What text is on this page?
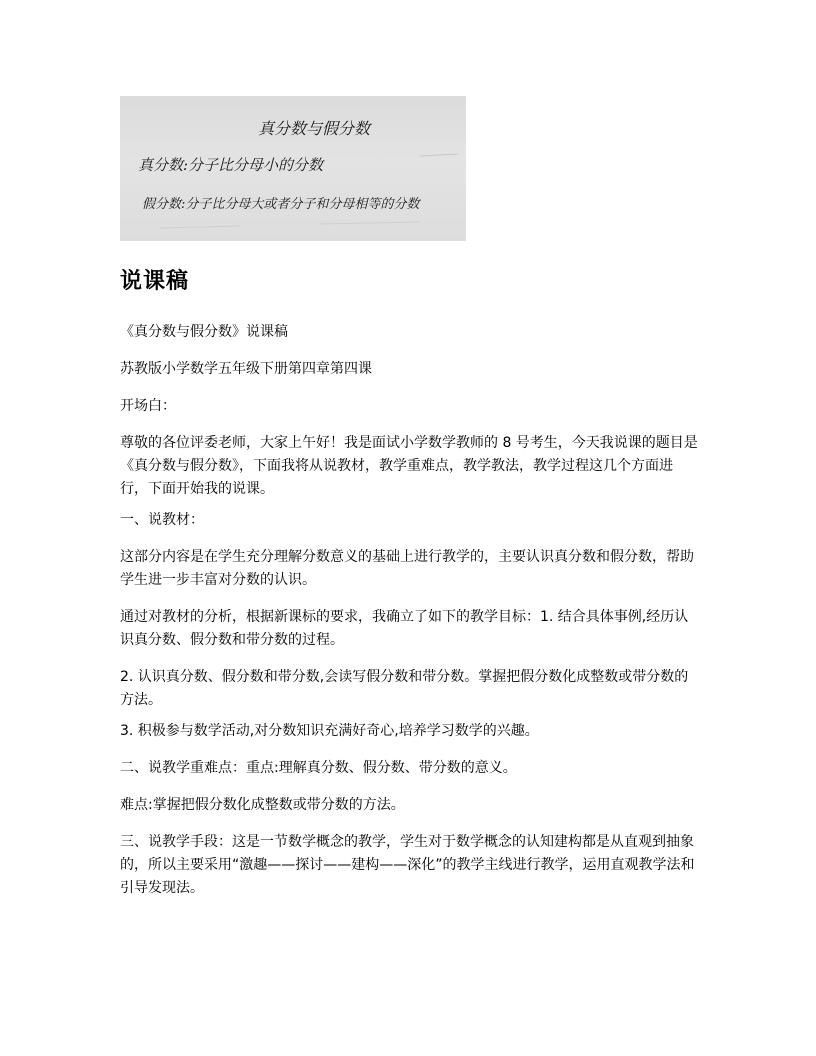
真分数与假分数
真分数:分子比分母小的分数
假分数:分子比分母大或者分子和分母相等的分数
说课稿
《真分数与假分数》说课稿
苏教版小学数学五年级下册第四章第四课
开场白：
尊敬的各位评委老师，大家上午好！我是面试小学数学教师的 8 号考生，今天我说课的题目是《真分数与假分数》，下面我将从说教材，教学重难点，教学教法，教学过程这几个方面进行，下面开始我的说课。
一、说教材：
这部分内容是在学生充分理解分数意义的基础上进行教学的，主要认识真分数和假分数，帮助学生进一步丰富对分数的认识。
通过对教材的分析，根据新课标的要求，我确立了如下的教学目标：1. 结合具体事例,经历认识真分数、假分数和带分数的过程。
2. 认识真分数、假分数和带分数,会读写假分数和带分数。掌握把假分数化成整数或带分数的方法。
3. 积极参与数学活动,对分数知识充满好奇心,培养学习数学的兴趣。
二、说教学重难点：重点:理解真分数、假分数、带分数的意义。
难点:掌握把假分数化成整数或带分数的方法。
三、说教学手段：这是一节数学概念的教学，学生对于数学概念的认知建构都是从直观到抽象的，所以主要采用“激趣——探讨——建构——深化”的教学主线进行教学，运用直观教学法和引导发现法。
